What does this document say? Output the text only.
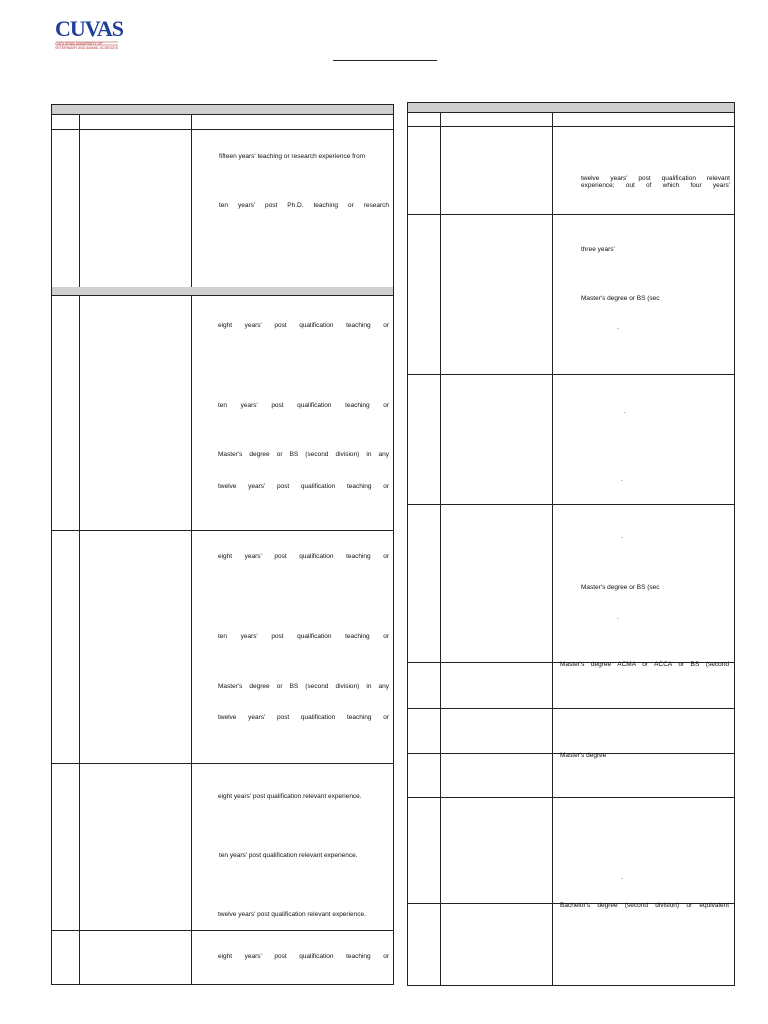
CUVAS
CHOLISTAN UNIVERSITY OF VETERINARY AND ANIMAL SCIENCES
fifteen years' teaching or research experience from
ten years' post Ph.D. teaching or research
eight years' post qualification teaching or
ten years' post qualification teaching or
Master's degree or BS (second division) in any
twelve years' post qualification teaching or
eight years' post qualification teaching or
ten years' post qualification teaching or
Master's degree or BS (second division) in any
twelve years' post qualification teaching or
eight years' post qualification relevant experience.
ten years' post qualification relevant experience.
twelve years' post qualification relevant experience.
eight years' post qualification teaching or
twelve years' post qualification relevant
experience; out of which four years'
three years'
Master's degree or BS (sec
.
.
.
.
Master's degree or BS (sec
.
Master's degree ACMA or ACCA or BS (second
Master's degree
.
Bachelor's degree (second division) or equivalent
